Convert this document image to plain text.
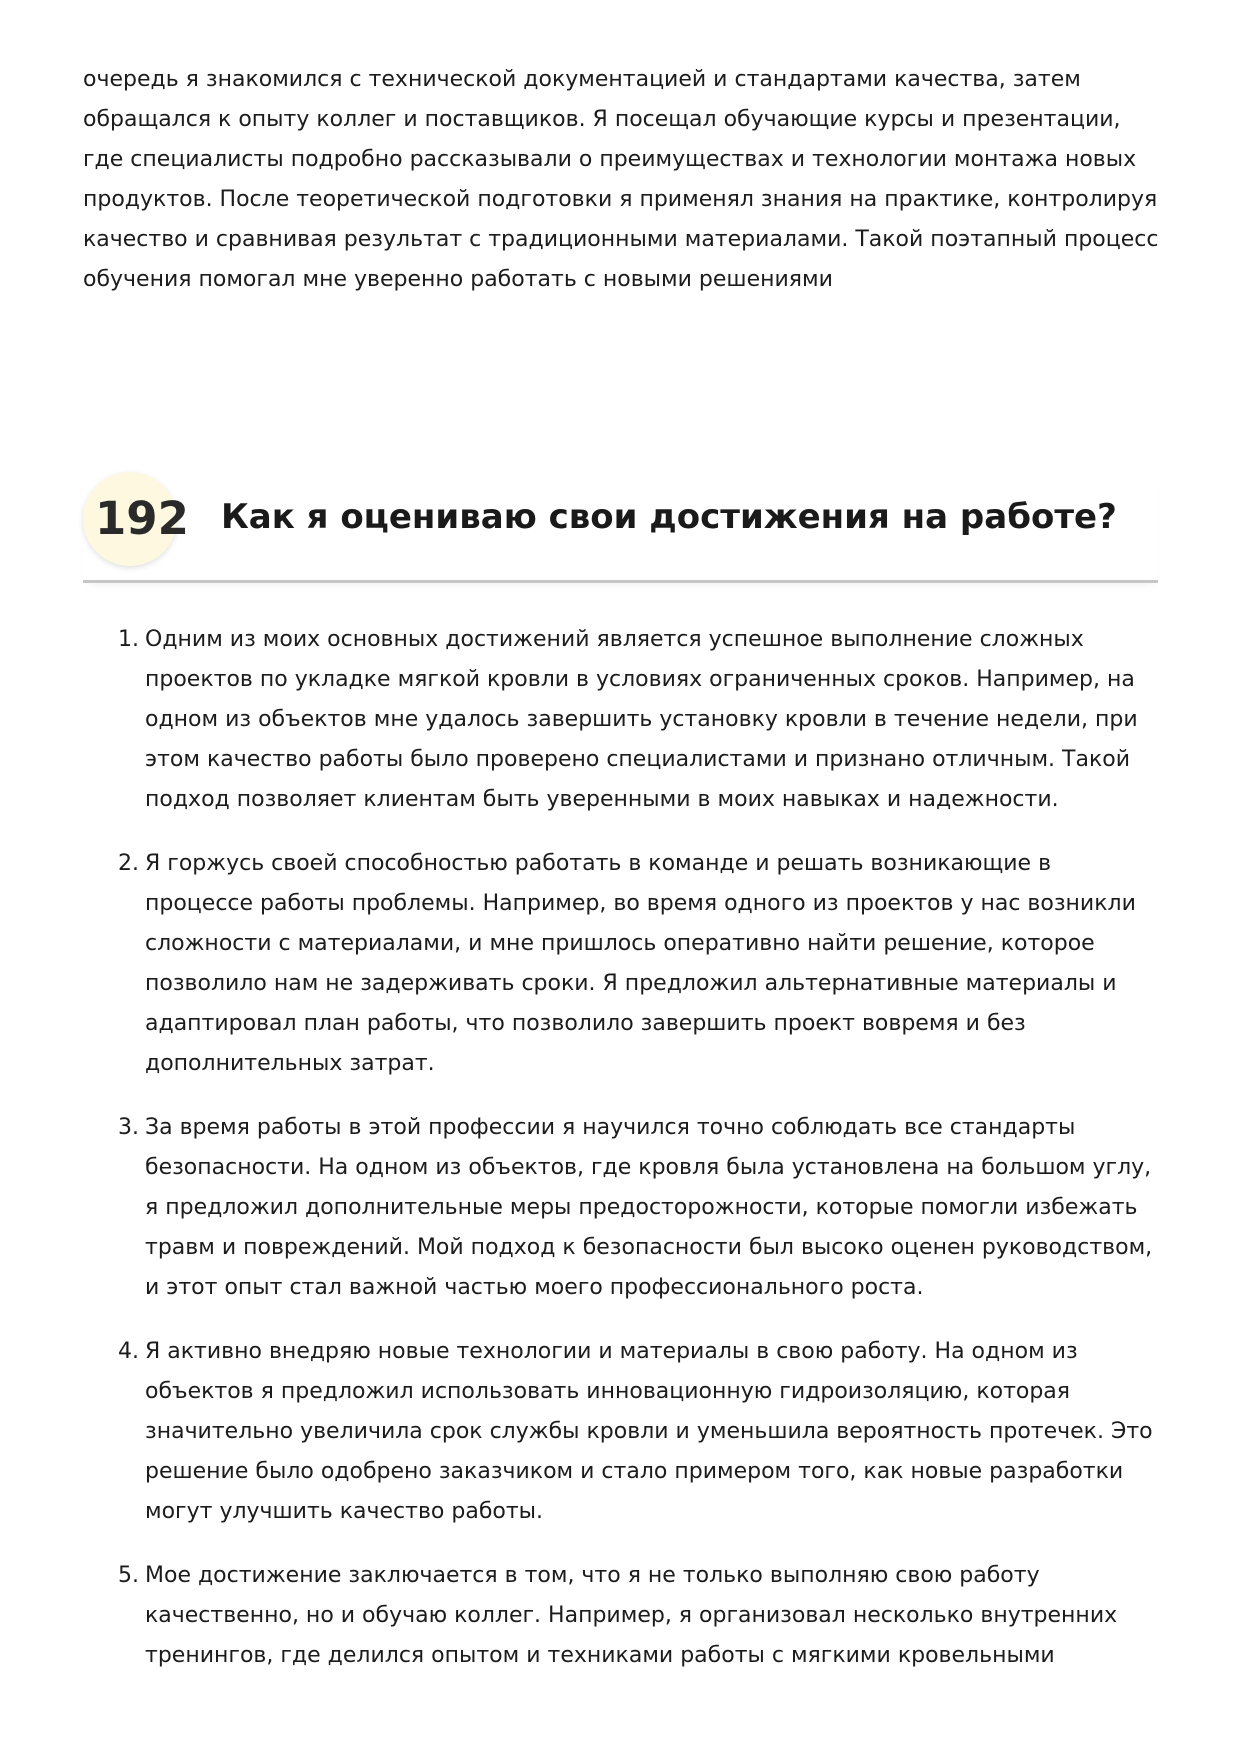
очередь я знакомился с технической документацией и стандартами качества, затем обращался к опыту коллег и поставщиков. Я посещал обучающие курсы и презентации, где специалисты подробно рассказывали о преимуществах и технологии монтажа новых продуктов. После теоретической подготовки я применял знания на практике, контролируя качество и сравнивая результат с традиционными материалами. Такой поэтапный процесс обучения помогал мне уверенно работать с новыми решениями

192 Как я оцениваю свои достижения на работе?
1. Одним из моих основных достижений является успешное выполнение сложных проектов по укладке мягкой кровли в условиях ограниченных сроков. Например, на одном из объектов мне удалось завершить установку кровли в течение недели, при этом качество работы было проверено специалистами и признано отличным. Такой подход позволяет клиентам быть уверенными в моих навыках и надежности.
2. Я горжусь своей способностью работать в команде и решать возникающие в процессе работы проблемы. Например, во время одного из проектов у нас возникли сложности с материалами, и мне пришлось оперативно найти решение, которое позволило нам не задерживать сроки. Я предложил альтернативные материалы и адаптировал план работы, что позволило завершить проект вовремя и без дополнительных затрат.
3. За время работы в этой профессии я научился точно соблюдать все стандарты безопасности. На одном из объектов, где кровля была установлена на большом углу, я предложил дополнительные меры предосторожности, которые помогли избежать травм и повреждений. Мой подход к безопасности был высоко оценен руководством, и этот опыт стал важной частью моего профессионального роста.
4. Я активно внедряю новые технологии и материалы в свою работу. На одном из объектов я предложил использовать инновационную гидроизоляцию, которая значительно увеличила срок службы кровли и уменьшила вероятность протечек. Это решение было одобрено заказчиком и стало примером того, как новые разработки могут улучшить качество работы.
5. Мое достижение заключается в том, что я не только выполняю свою работу качественно, но и обучаю коллег. Например, я организовал несколько внутренних тренингов, где делился опытом и техниками работы с мягкими кровельными
